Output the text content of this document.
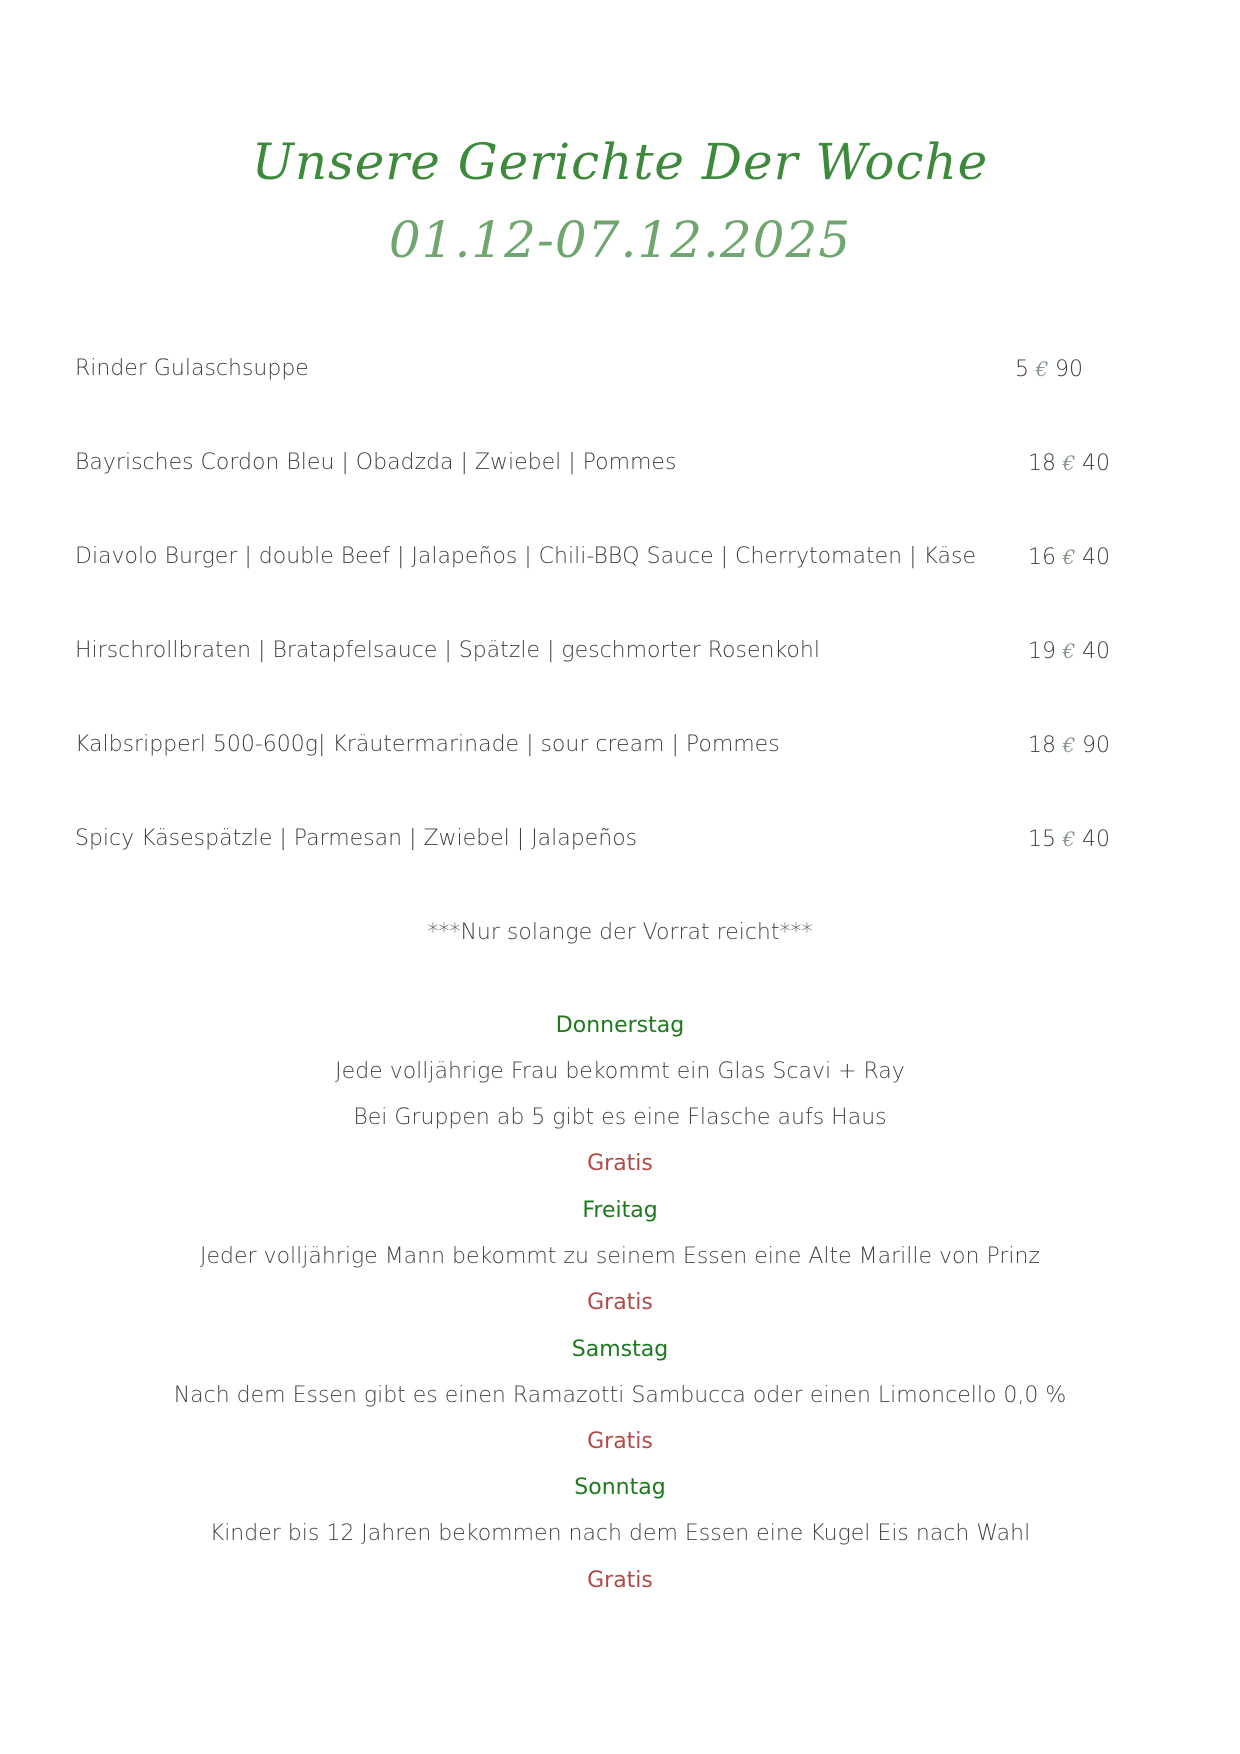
Unsere Gerichte Der Woche
01.12-07.12.2025
Rinder Gulaschsuppe	5 € 90
Bayrisches Cordon Bleu | Obadzda | Zwiebel | Pommes	18 € 40
Diavolo Burger | double Beef | Jalapeños | Chili-BBQ Sauce | Cherrytomaten | Käse 16 € 40
Hirschrollbraten | Bratapfelsauce | Spätzle | geschmorter Rosenkohl	19 € 40
Kalbsripperl 500-600g| Kräutermarinade | sour cream | Pommes	18 € 90
Spicy Käsespätzle | Parmesan | Zwiebel | Jalapeños	15 € 40
***Nur solange der Vorrat reicht***
Donnerstag
Jede volljährige Frau bekommt ein Glas Scavi + Ray
Bei Gruppen ab 5 gibt es eine Flasche aufs Haus
Gratis
Freitag
Jeder volljährige Mann bekommt zu seinem Essen eine Alte Marille von Prinz
Gratis
Samstag
Nach dem Essen gibt es einen Ramazotti Sambucca oder einen Limoncello 0,0 %
Gratis
Sonntag
Kinder bis 12 Jahren bekommen nach dem Essen eine Kugel Eis nach Wahl
Gratis
